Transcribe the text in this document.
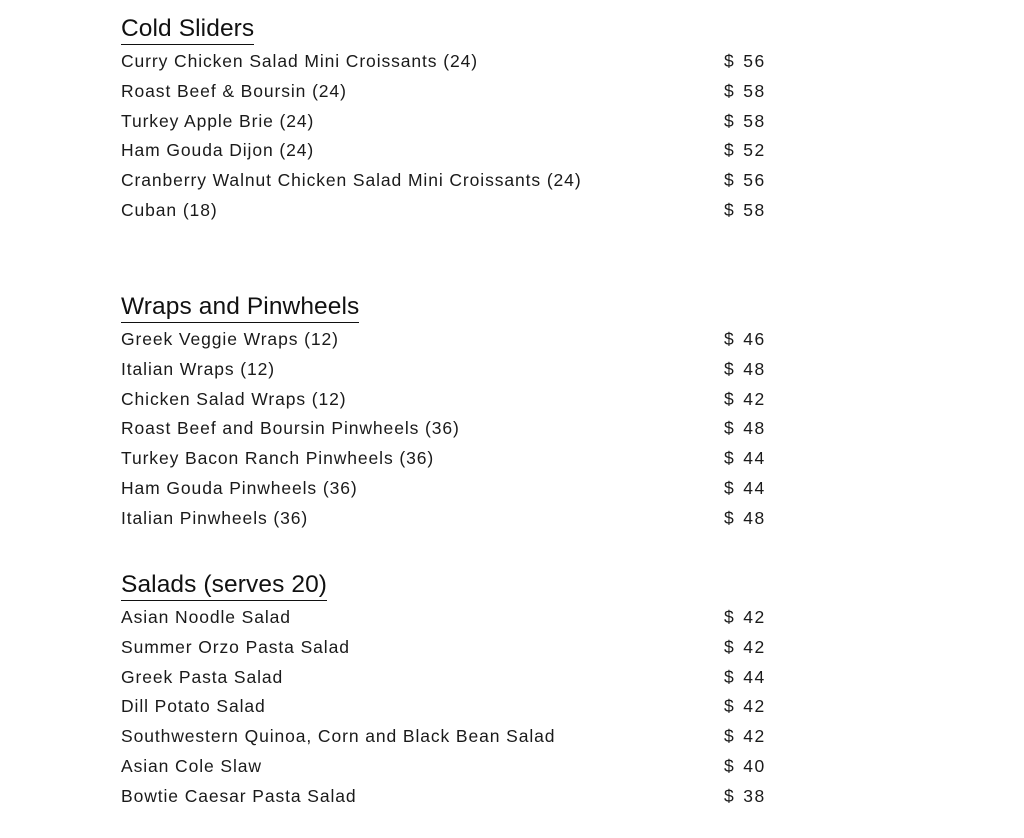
Cold Sliders
Curry Chicken Salad Mini Croissants (24)	$ 56
Roast Beef & Boursin (24)	$ 58
Turkey Apple Brie (24)	$ 58
Ham Gouda Dijon (24)	$ 52
Cranberry Walnut Chicken Salad Mini Croissants (24)	$ 56
Cuban (18)	$ 58
Wraps and Pinwheels
Greek Veggie Wraps (12)	$ 46
Italian Wraps (12)	$ 48
Chicken Salad Wraps (12)	$ 42
Roast Beef and Boursin Pinwheels (36)	$ 48
Turkey Bacon Ranch Pinwheels (36)	$ 44
Ham Gouda Pinwheels (36)	$ 44
Italian Pinwheels (36)	$ 48
Salads (serves 20)
Asian Noodle Salad	$ 42
Summer Orzo Pasta Salad	$ 42
Greek Pasta Salad	$ 44
Dill Potato Salad	$ 42
Southwestern Quinoa, Corn and Black Bean Salad	$ 42
Asian Cole Slaw	$ 40
Bowtie Caesar Pasta Salad	$ 38
